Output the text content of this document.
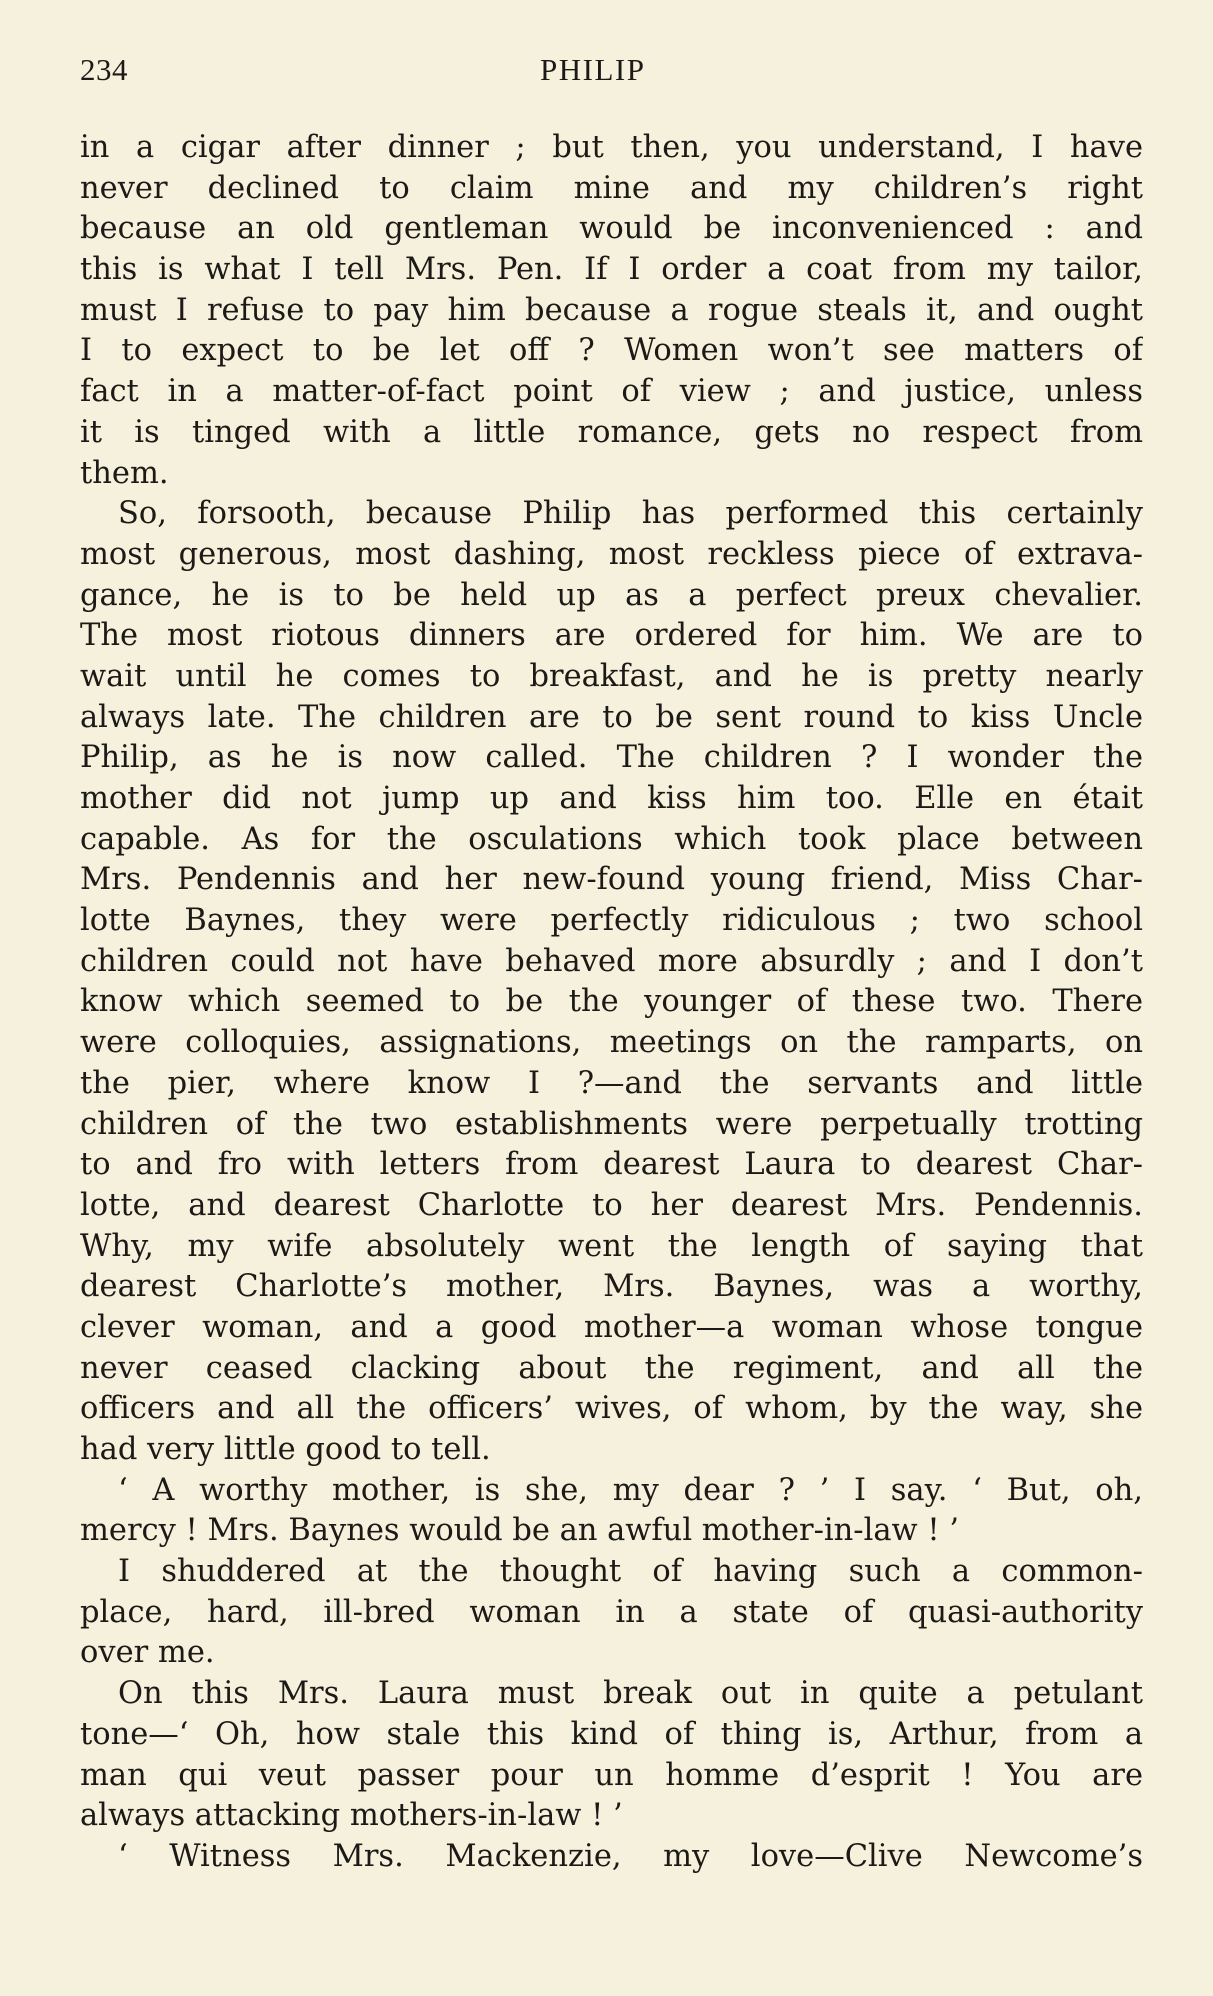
234	PHILIP
in a cigar after dinner ; but then, you understand, I have
never declined to claim mine and my children’s right
because an old gentleman would be inconvenienced : and
this is what I tell Mrs. Pen. If I order a coat from my tailor,
must I refuse to pay him because a rogue steals it, and ought
I to expect to be let off ? Women won’t see matters of
fact in a matter-of-fact point of view ; and justice, unless
it is tinged with a little romance, gets no respect from
them.
So, forsooth, because Philip has performed this certainly
most generous, most dashing, most reckless piece of extrava-
gance, he is to be held up as a perfect preux chevalier.
The most riotous dinners are ordered for him. We are to
wait until he comes to breakfast, and he is pretty nearly
always late. The children are to be sent round to kiss Uncle
Philip, as he is now called. The children ? I wonder the
mother did not jump up and kiss him too. Elle en était
capable. As for the osculations which took place between
Mrs. Pendennis and her new-found young friend, Miss Char-
lotte Baynes, they were perfectly ridiculous ; two school
children could not have behaved more absurdly ; and I don’t
know which seemed to be the younger of these two. There
were colloquies, assignations, meetings on the ramparts, on
the pier, where know I ?—and the servants and little
children of the two establishments were perpetually trotting
to and fro with letters from dearest Laura to dearest Char-
lotte, and dearest Charlotte to her dearest Mrs. Pendennis.
Why, my wife absolutely went the length of saying that
dearest Charlotte’s mother, Mrs. Baynes, was a worthy,
clever woman, and a good mother—a woman whose tongue
never ceased clacking about the regiment, and all the
officers and all the officers’ wives, of whom, by the way, she
had very little good to tell.
‘ A worthy mother, is she, my dear ? ’ I say. ‘ But, oh,
mercy ! Mrs. Baynes would be an awful mother-in-law ! ’
I shuddered at the thought of having such a common-
place, hard, ill-bred woman in a state of quasi-authority
over me.
On this Mrs. Laura must break out in quite a petulant
tone—‘ Oh, how stale this kind of thing is, Arthur, from a
man qui veut passer pour un homme d’esprit ! You are
always attacking mothers-in-law ! ’
‘ Witness Mrs. Mackenzie, my love—Clive Newcome’s
